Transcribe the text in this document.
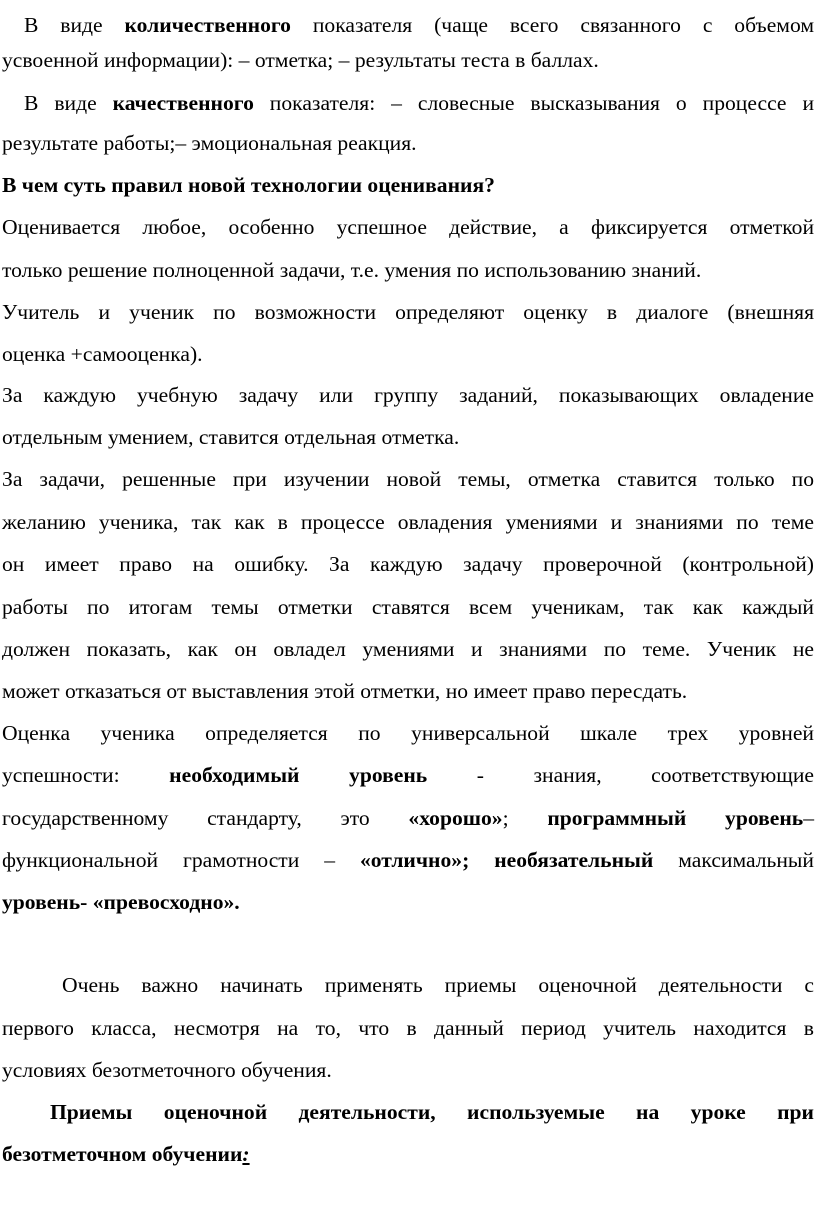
В виде количественного показателя (чаще всего связанного с объемом
усвоенной информации): – отметка; – результаты теста в баллах.
В виде качественного показателя: – словесные высказывания о процессе и
результате работы;– эмоциональная реакция.
В чем суть правил новой технологии оценивания?
Оценивается любое, особенно успешное действие, а фиксируется отметкой
только решение полноценной задачи, т.е. умения по использованию знаний.
Учитель и ученик по возможности определяют оценку в диалоге (внешняя
оценка +самооценка).
За каждую учебную задачу или группу заданий, показывающих овладение
отдельным умением, ставится отдельная отметка.
За задачи, решенные при изучении новой темы, отметка ставится только по
желанию ученика, так как в процессе овладения умениями и знаниями по теме
он имеет право на ошибку. За каждую задачу проверочной (контрольной)
работы по итогам темы отметки ставятся всем ученикам, так как каждый
должен показать, как он овладел умениями и знаниями по теме. Ученик не
может отказаться от выставления этой отметки, но имеет право пересдать.
Оценка ученика определяется по универсальной шкале трех уровней
успешности: необходимый уровень - знания, соответствующие
государственному стандарту, это «хорошо»; программный уровень–
функциональной грамотности – «отлично»; необязательный максимальный
уровень- «превосходно».
Очень важно начинать применять приемы оценочной деятельности с
первого класса, несмотря на то, что в данный период учитель находится в
условиях безотметочного обучения.
Приемы оценочной деятельности, используемые на уроке при
безотметочном обучении:
